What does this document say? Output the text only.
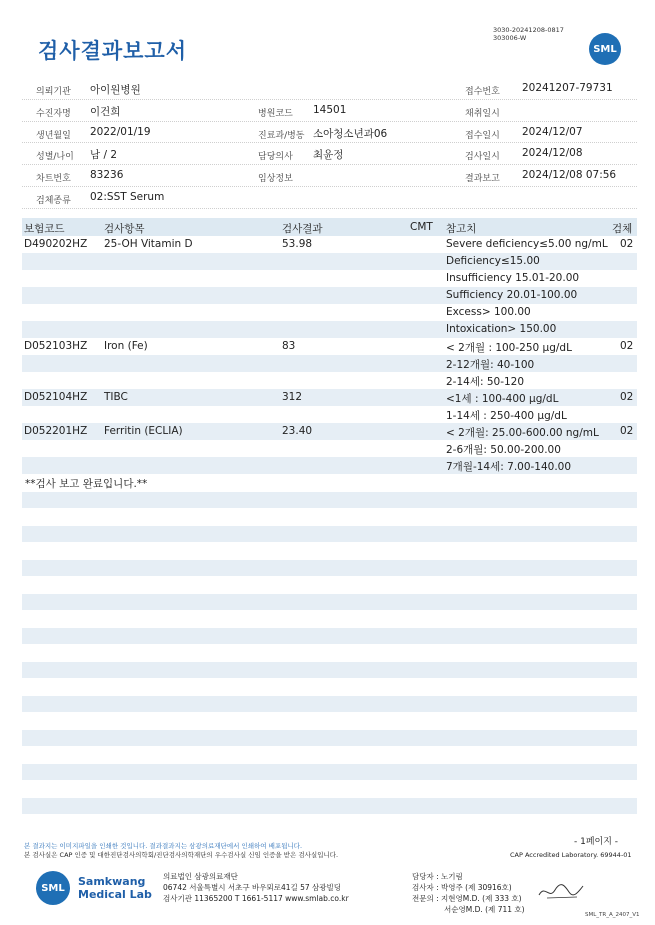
검사결과보고서
3030-20241208-0817
303006-W
SML
의뢰기관 아이원병원	접수번호 20241207-79731
수진자명 이건희	병원코드 14501	채취일시
생년월일 2022/01/19	진료과/병동 소아청소년과06	접수일시 2024/12/07
성별/나이 남 / 2	담당의사 최윤정	검사일시 2024/12/08
차트번호 83236	임상정보	결과보고 2024/12/08 07:56
검체종류 02:SST Serum
보험코드	검사항목	검사결과	CMT 참고치	검체
D490202HZ 25-OH Vitamin D	53.98	Severe deficiency≤5.00 ng/mL 02
Deficiency≤15.00
Insufficiency 15.01-20.00
Sufficiency 20.01-100.00
Excess> 100.00
Intoxication> 150.00
D052103HZ Iron (Fe)	83	< 2개월 : 100-250 µg/dL	02
2-12개월: 40-100
2-14세: 50-120
D052104HZ TIBC	312	<1세 : 100-400 µg/dL	02
1-14세 : 250-400 µg/dL
D052201HZ Ferritin (ECLIA)	23.40	< 2개월: 25.00-600.00 ng/mL 02
2-6개월: 50.00-200.00
7개월-14세: 7.00-140.00
**검사 보고 완료입니다.**
- 1페이지 -
본 결과지는 이미지파일을 인쇄한 것입니다. 결과결과지는 삼광의료재단에서 인쇄하여 배포됩니다.
본 검사실은 CAP 인증 및 대한진단검사의학회/진단검사의학재단의 우수검사실 신임 인증을 받은 검사실입니다.	CAP Accredited Laboratory. 69944-01
SML	Samkwang
Medical Lab
의료법인 삼광의료재단
06742 서울특별시 서초구 바우뫼로41길 57 삼광빌딩
검사기관 11365200 T 1661-5117 www.smlab.co.kr
담당자 : 노기림
검사자 : 박영주 (제 30916호)
전문의 : 지현영M.D. (제 333 호)
서순영M.D. (제 711 호)
SML_TR_A_2407_V1
